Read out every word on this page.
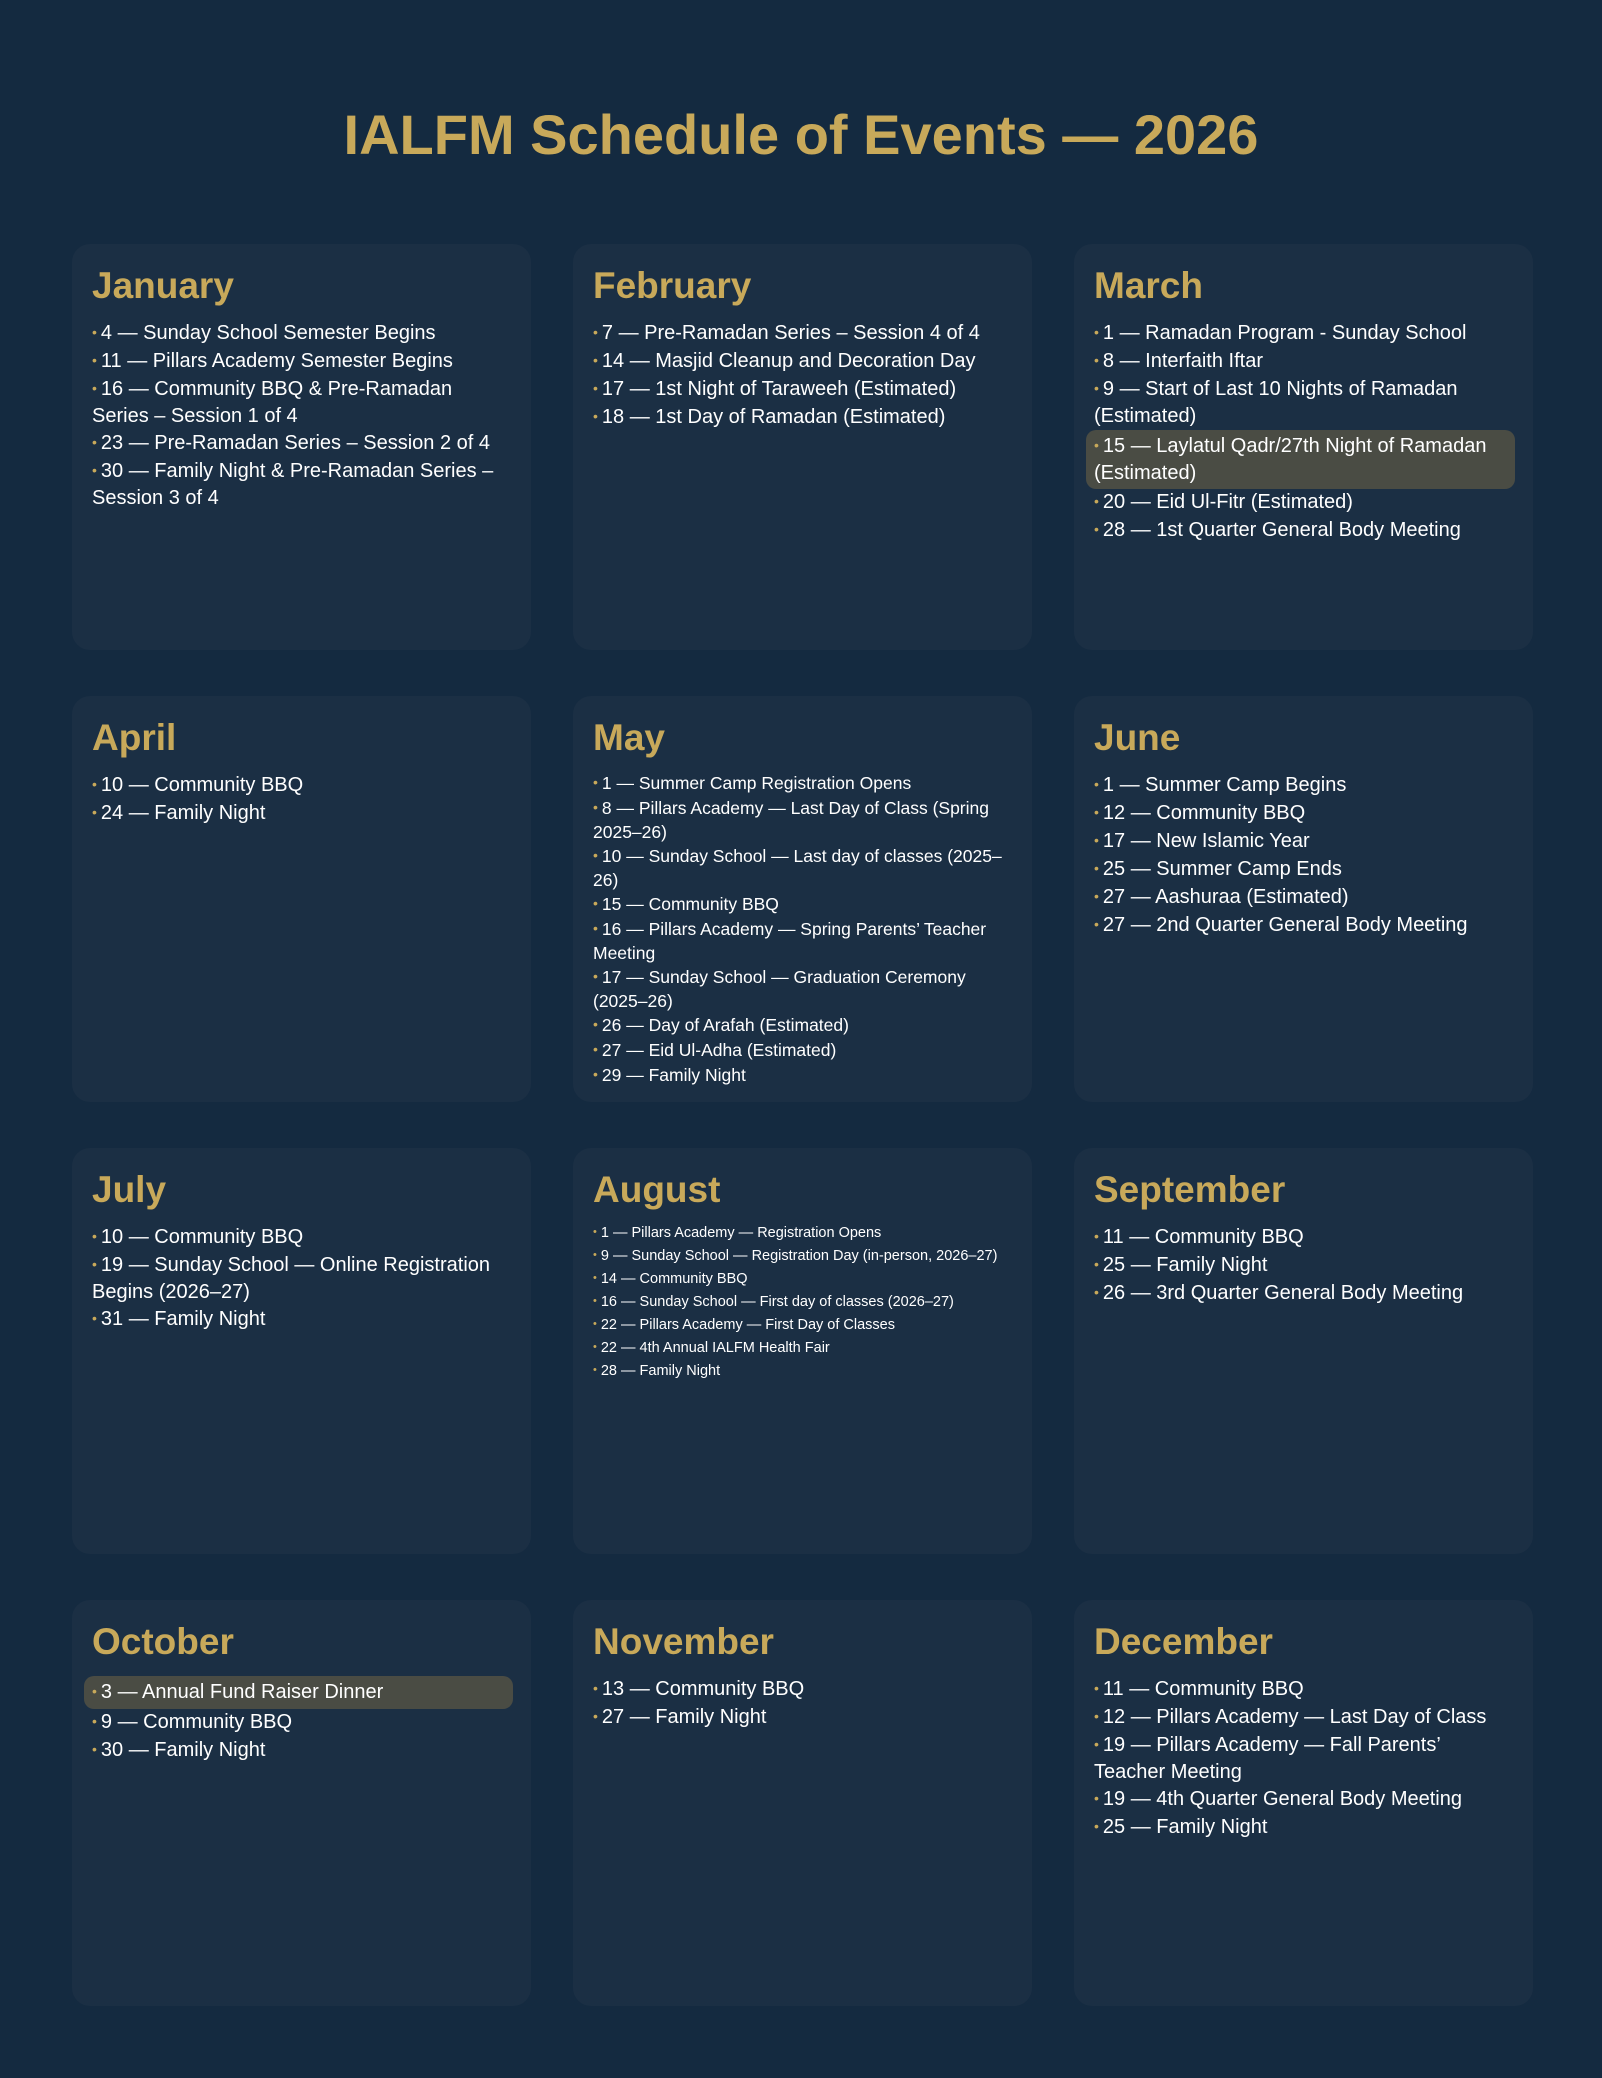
IALFM Schedule of Events — 2026
January
• 4 — Sunday School Semester Begins
• 11 — Pillars Academy Semester Begins
• 16 — Community BBQ & Pre-Ramadan Series – Session 1 of 4
• 23 — Pre-Ramadan Series – Session 2 of 4
• 30 — Family Night & Pre-Ramadan Series – Session 3 of 4
February
• 7 — Pre-Ramadan Series – Session 4 of 4
• 14 — Masjid Cleanup and Decoration Day
• 17 — 1st Night of Taraweeh (Estimated)
• 18 — 1st Day of Ramadan (Estimated)
March
• 1 — Ramadan Program - Sunday School
• 8 — Interfaith Iftar
• 9 — Start of Last 10 Nights of Ramadan (Estimated)
• 15 — Laylatul Qadr/27th Night of Ramadan (Estimated)
• 20 — Eid Ul-Fitr (Estimated)
• 28 — 1st Quarter General Body Meeting
April
• 10 — Community BBQ
• 24 — Family Night
May
• 1 — Summer Camp Registration Opens
• 8 — Pillars Academy — Last Day of Class (Spring 2025–26)
• 10 — Sunday School — Last day of classes (2025–26)
• 15 — Community BBQ
• 16 — Pillars Academy — Spring Parents’ Teacher Meeting
• 17 — Sunday School — Graduation Ceremony (2025–26)
• 26 — Day of Arafah (Estimated)
• 27 — Eid Ul-Adha (Estimated)
• 29 — Family Night
June
• 1 — Summer Camp Begins
• 12 — Community BBQ
• 17 — New Islamic Year
• 25 — Summer Camp Ends
• 27 — Aashuraa (Estimated)
• 27 — 2nd Quarter General Body Meeting
July
• 10 — Community BBQ
• 19 — Sunday School — Online Registration Begins (2026–27)
• 31 — Family Night
August
• 1 — Pillars Academy — Registration Opens
• 9 — Sunday School — Registration Day (in-person, 2026–27)
• 14 — Community BBQ
• 16 — Sunday School — First day of classes (2026–27)
• 22 — Pillars Academy — First Day of Classes
• 22 — 4th Annual IALFM Health Fair
• 28 — Family Night
September
• 11 — Community BBQ
• 25 — Family Night
• 26 — 3rd Quarter General Body Meeting
October
• 3 — Annual Fund Raiser Dinner
• 9 — Community BBQ
• 30 — Family Night
November
• 13 — Community BBQ
• 27 — Family Night
December
• 11 — Community BBQ
• 12 — Pillars Academy — Last Day of Class
• 19 — Pillars Academy — Fall Parents’ Teacher Meeting
• 19 — 4th Quarter General Body Meeting
• 25 — Family Night
